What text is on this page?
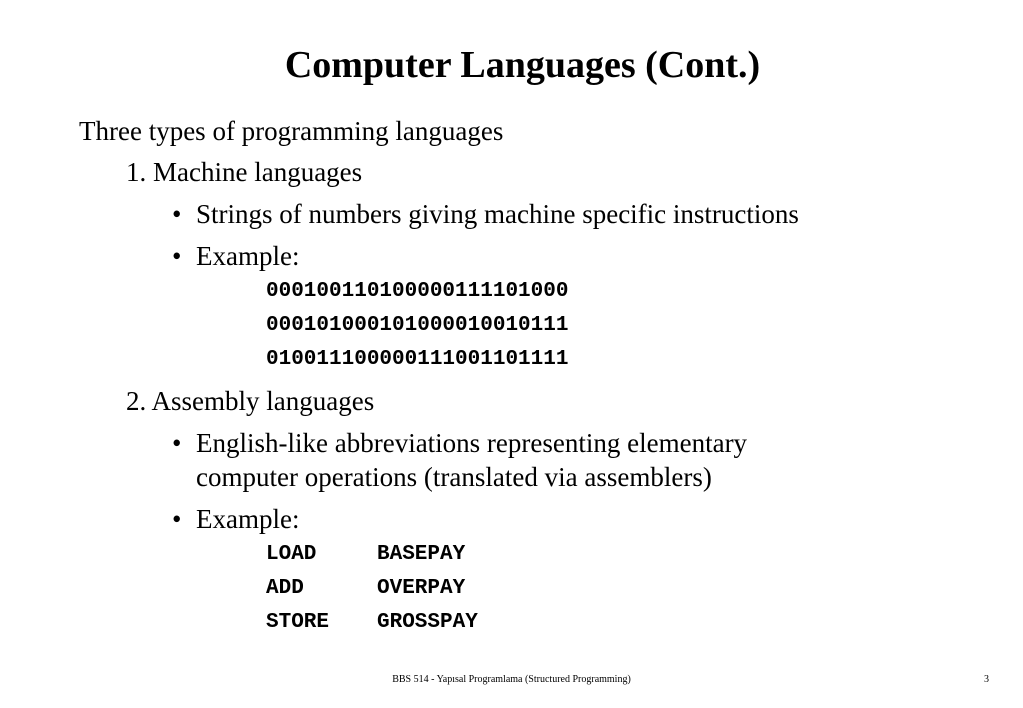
Computer Languages (Cont.)
Three types of programming languages
1. Machine languages
• Strings of numbers giving machine specific instructions
• Example:
000100110100000111101000
000101000101000010010111
010011100000111001101111
2. Assembly languages
• English-like abbreviations representing elementary
computer operations (translated via assemblers)
• Example:
LOAD	BASEPAY
ADD	OVERPAY
STORE GROSSPAY
BBS 514 - Yapısal Programlama (Structured Programming)	3
